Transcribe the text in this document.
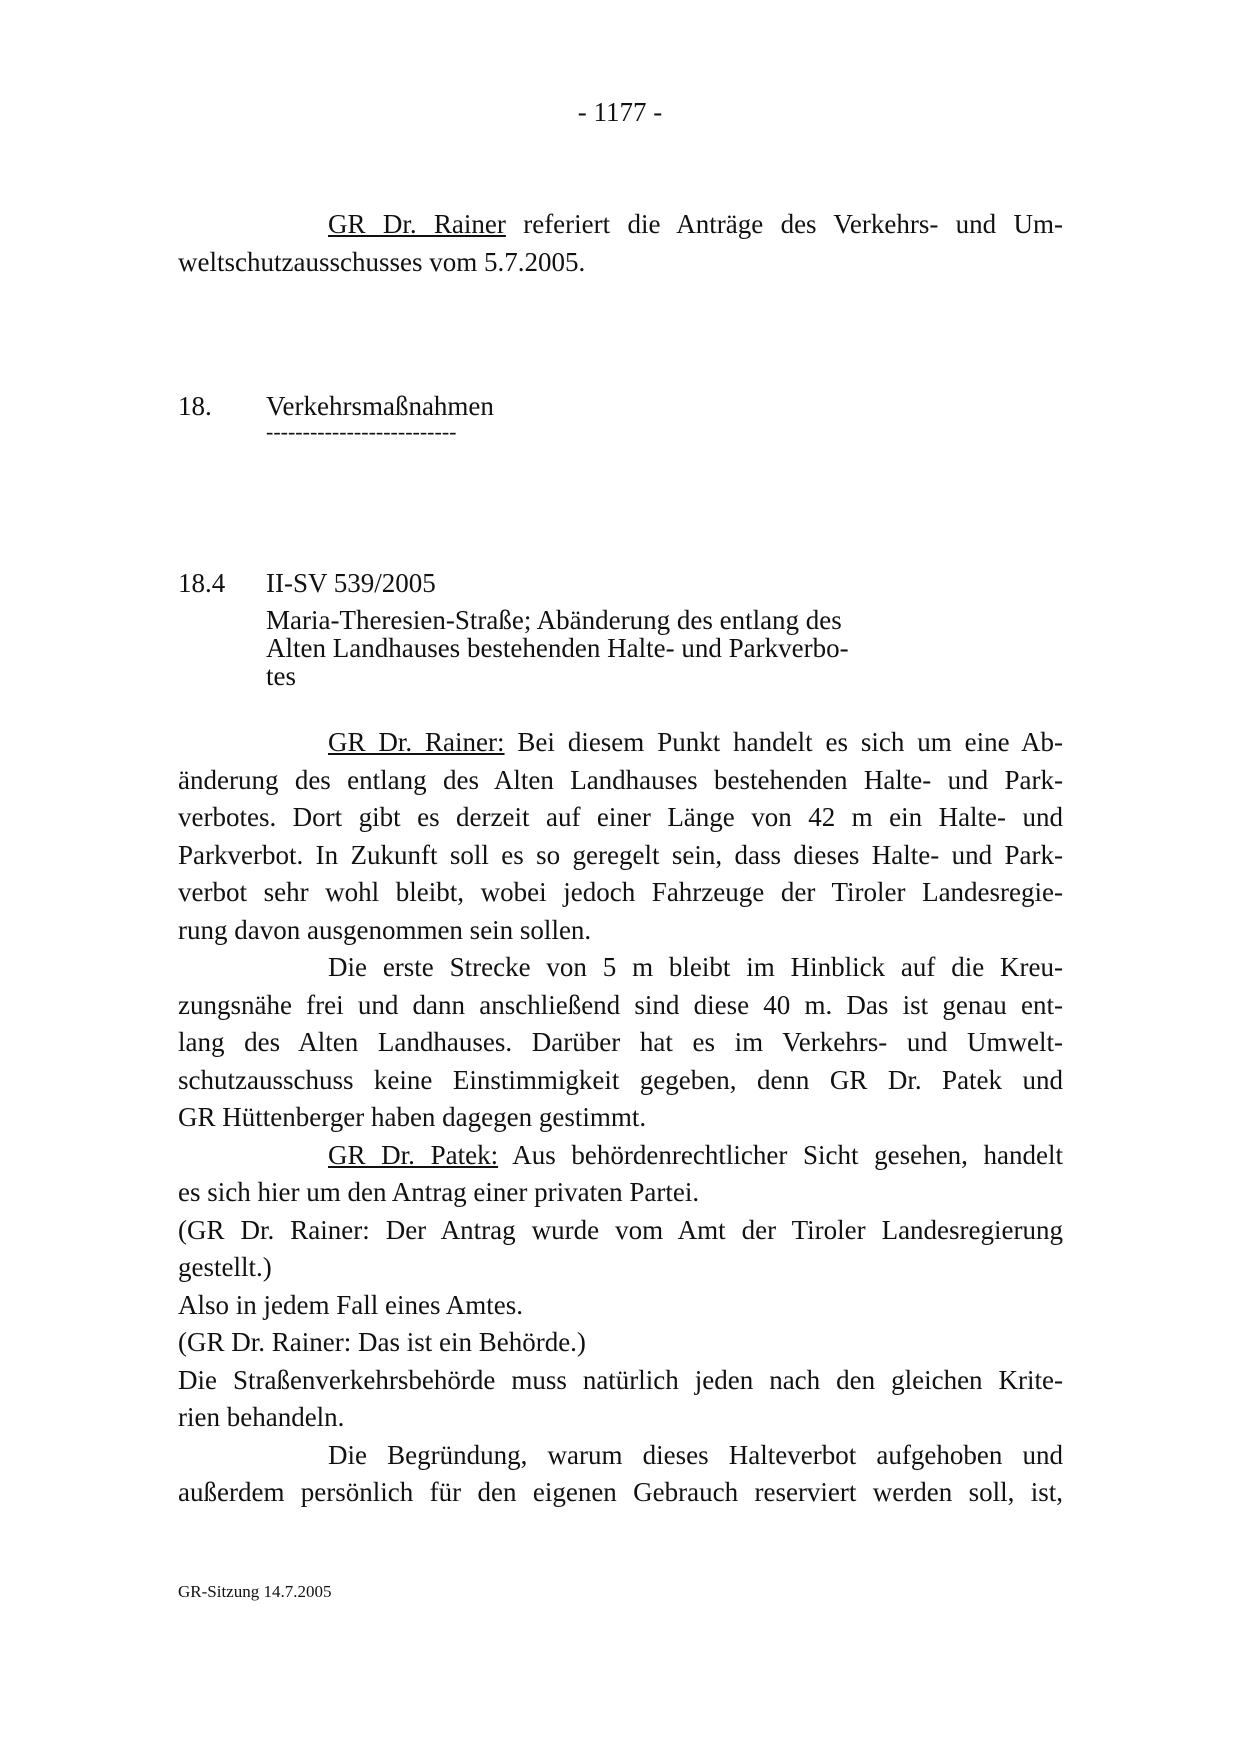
- 1177 -
GR Dr. Rainer referiert die Anträge des Verkehrs- und Um-
weltschutzausschusses vom 5.7.2005.
18. Verkehrsmaßnahmen
--------------------------
18.4 II-SV 539/2005
Maria-Theresien-Straße; Abänderung des entlang des
Alten Landhauses bestehenden Halte- und Parkverbo-
tes
GR Dr. Rainer: Bei diesem Punkt handelt es sich um eine Ab-
änderung des entlang des Alten Landhauses bestehenden Halte- und Park-
verbotes. Dort gibt es derzeit auf einer Länge von 42 m ein Halte- und
Parkverbot. In Zukunft soll es so geregelt sein, dass dieses Halte- und Park-
verbot sehr wohl bleibt, wobei jedoch Fahrzeuge der Tiroler Landesregie-
rung davon ausgenommen sein sollen.
Die erste Strecke von 5 m bleibt im Hinblick auf die Kreu-
zungsnähe frei und dann anschließend sind diese 40 m. Das ist genau ent-
lang des Alten Landhauses. Darüber hat es im Verkehrs- und Umwelt-
schutzausschuss keine Einstimmigkeit gegeben, denn GR Dr. Patek und
GR Hüttenberger haben dagegen gestimmt.
GR Dr. Patek: Aus behördenrechtlicher Sicht gesehen, handelt
es sich hier um den Antrag einer privaten Partei.
(GR Dr. Rainer: Der Antrag wurde vom Amt der Tiroler Landesregierung
gestellt.)
Also in jedem Fall eines Amtes.
(GR Dr. Rainer: Das ist ein Behörde.)
Die Straßenverkehrsbehörde muss natürlich jeden nach den gleichen Krite-
rien behandeln.
Die Begründung, warum dieses Halteverbot aufgehoben und
außerdem persönlich für den eigenen Gebrauch reserviert werden soll, ist,
GR-Sitzung 14.7.2005
